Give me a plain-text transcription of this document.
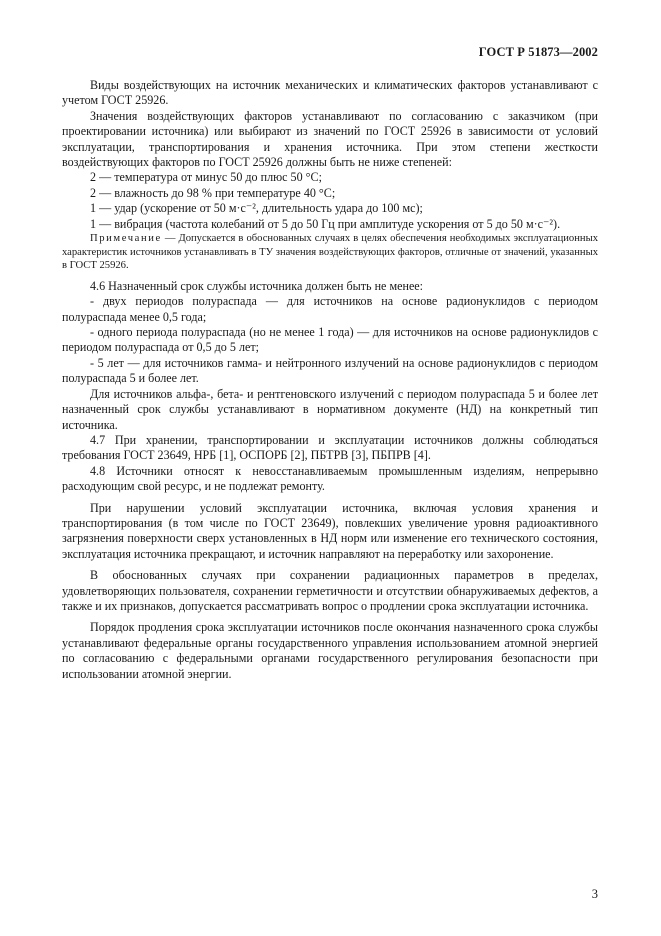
ГОСТ Р 51873—2002

Виды воздействующих на источник механических и климатических факторов устанавливают с учетом ГОСТ 25926.

Значения воздействующих факторов устанавливают по согласованию с заказчиком (при проектировании источника) или выбирают из значений по ГОСТ 25926 в зависимости от условий эксплуатации, транспортирования и хранения источника. При этом степени жесткости воздействующих факторов по ГОСТ 25926 должны быть не ниже степеней:

2 — температура от минус 50 до плюс 50 °С;

2 — влажность до 98 % при температуре 40 °С;

1 — удар (ускорение от 50 м·с⁻², длительность удара до 100 мс);

1 — вибрация (частота колебаний от 5 до 50 Гц при амплитуде ускорения от 5 до 50 м·с⁻²).

Примечание — Допускается в обоснованных случаях в целях обеспечения необходимых эксплуатационных характеристик источников устанавливать в ТУ значения воздействующих факторов, отличные от значений, указанных в ГОСТ 25926.

4.6 Назначенный срок службы источника должен быть не менее:

- двух периодов полураспада — для источников на основе радионуклидов с периодом полураспада менее 0,5 года;

- одного периода полураспада (но не менее 1 года) — для источников на основе радионуклидов с периодом полураспада от 0,5 до 5 лет;

- 5 лет — для источников гамма- и нейтронного излучений на основе радионуклидов с периодом полураспада 5 и более лет.

Для источников альфа-, бета- и рентгеновского излучений с периодом полураспада 5 и более лет назначенный срок службы устанавливают в нормативном документе (НД) на конкретный тип источника.

4.7 При хранении, транспортировании и эксплуатации источников должны соблюдаться требования ГОСТ 23649, НРБ [1], ОСПОРБ [2], ПБТРВ [3], ПБПРВ [4].

4.8 Источники относят к невосстанавливаемым промышленным изделиям, непрерывно расходующим свой ресурс, и не подлежат ремонту.

При нарушении условий эксплуатации источника, включая условия хранения и транспортирования (в том числе по ГОСТ 23649), повлекших увеличение уровня радиоактивного загрязнения поверхности сверх установленных в НД норм или изменение его технического состояния, эксплуатация источника прекращают, и источник направляют на переработку или захоронение.

В обоснованных случаях при сохранении радиационных параметров в пределах, удовлетворяющих пользователя, сохранении герметичности и отсутствии обнаруживаемых дефектов, а также и их признаков, допускается рассматривать вопрос о продлении срока эксплуатации источника.

Порядок продления срока эксплуатации источников после окончания назначенного срока службы устанавливают федеральные органы государственного управления использованием атомной энергией по согласованию с федеральными органами государственного регулирования безопасности при использовании атомной энергии.

3
